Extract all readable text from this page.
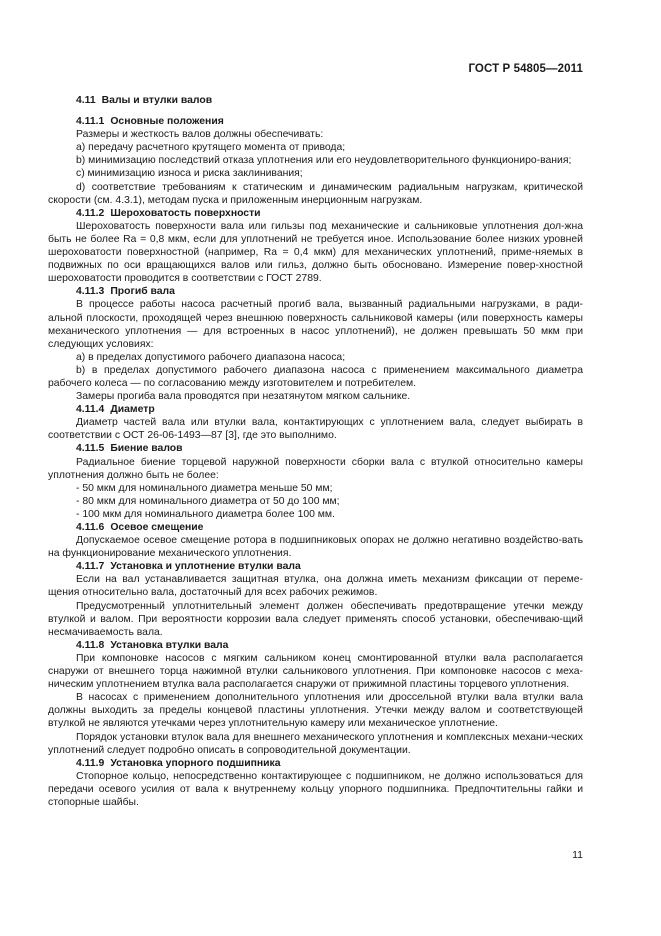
ГОСТ Р 54805—2011
4.11 Валы и втулки валов
4.11.1 Основные положения
Размеры и жесткость валов должны обеспечивать:
а) передачу расчетного крутящего момента от привода;
b) минимизацию последствий отказа уплотнения или его неудовлетворительного функциониро-вания;
c) минимизацию износа и риска заклинивания;
d) соответствие требованиям к статическим и динамическим радиальным нагрузкам, критической скорости (см. 4.3.1), методам пуска и приложенным инерционным нагрузкам.
4.11.2 Шероховатость поверхности
Шероховатость поверхности вала или гильзы под механические и сальниковые уплотнения дол-жна быть не более Ra = 0,8 мкм, если для уплотнений не требуется иное. Использование более низких уровней шероховатости поверхностной (например, Ra = 0,4 мкм) для механических уплотнений, приме-няемых в подвижных по оси вращающихся валов или гильз, должно быть обосновано. Измерение повер-хностной шероховатости проводится в соответствии с ГОСТ 2789.
4.11.3 Прогиб вала
В процессе работы насоса расчетный прогиб вала, вызванный радиальными нагрузками, в ради-альной плоскости, проходящей через внешнюю поверхность сальниковой камеры (или поверхность камеры механического уплотнения — для встроенных в насос уплотнений), не должен превышать 50 мкм при следующих условиях:
а) в пределах допустимого рабочего диапазона насоса;
b) в пределах допустимого рабочего диапазона насоса с применением максимального диаметра рабочего колеса — по согласованию между изготовителем и потребителем.
Замеры прогиба вала проводятся при незатянутом мягком сальнике.
4.11.4 Диаметр
Диаметр частей вала или втулки вала, контактирующих с уплотнением вала, следует выбирать в соответствии с ОСТ 26-06-1493—87 [3], где это выполнимо.
4.11.5 Биение валов
Радиальное биение торцевой наружной поверхности сборки вала с втулкой относительно камеры уплотнения должно быть не более:
- 50 мкм для номинального диаметра меньше 50 мм;
- 80 мкм для номинального диаметра от 50 до 100 мм;
- 100 мкм для номинального диаметра более 100 мм.
4.11.6 Осевое смещение
Допускаемое осевое смещение ротора в подшипниковых опорах не должно негативно воздейство-вать на функционирование механического уплотнения.
4.11.7 Установка и уплотнение втулки вала
Если на вал устанавливается защитная втулка, она должна иметь механизм фиксации от переме-щения относительно вала, достаточный для всех рабочих режимов.
Предусмотренный уплотнительный элемент должен обеспечивать предотвращение утечки между втулкой и валом. При вероятности коррозии вала следует применять способ установки, обеспечиваю-щий несмачиваемость вала.
4.11.8 Установка втулки вала
При компоновке насосов с мягким сальником конец смонтированной втулки вала располагается снаружи от внешнего торца нажимной втулки сальникового уплотнения. При компоновке насосов с меха-ническим уплотнением втулка вала располагается снаружи от прижимной пластины торцевого уплотнения.
В насосах с применением дополнительного уплотнения или дроссельной втулки вала втулки вала должны выходить за пределы концевой пластины уплотнения. Утечки между валом и соответствующей втулкой не являются утечками через уплотнительную камеру или механическое уплотнение.
Порядок установки втулок вала для внешнего механического уплотнения и комплексных механи-ческих уплотнений следует подробно описать в сопроводительной документации.
4.11.9 Установка упорного подшипника
Стопорное кольцо, непосредственно контактирующее с подшипником, не должно использоваться для передачи осевого усилия от вала к внутреннему кольцу упорного подшипника. Предпочтительны гайки и стопорные шайбы.
11
